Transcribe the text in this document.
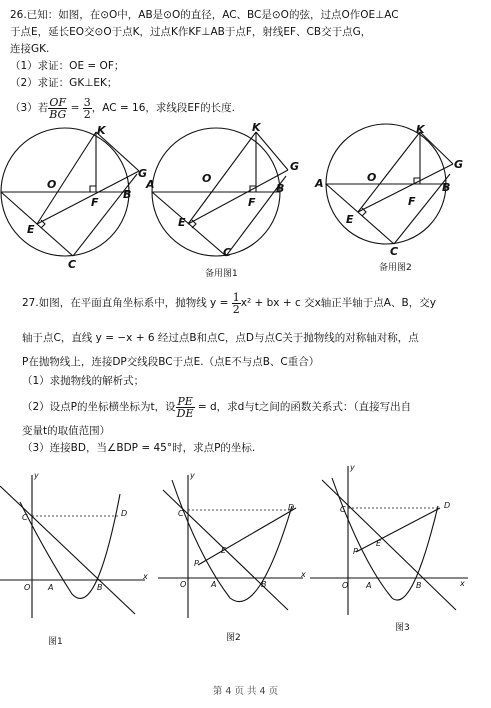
26.已知：如图，在⊙O中，AB是⊙O的直径，AC、BC是⊙O的弦，过点O作OE⊥AC
于点E，延长EO交⊙O于点K，过点K作KF⊥AB于点F，射线EF、CB交于点G，
连接GK.
（1）求证：OE = OF；
（2）求证：GK⊥EK；
（3）若 $\frac{OF}{BG} = \frac{3}{2}$ ，AC = 16，求线段EF的长度.
K
O
F
B
G
E
C
K
A	O
F
B
G
E
C
备用图1
K
A	O
F
B
G
E
C
备用图2
27.如图，在平面直角坐标系中，抛物线 $y = \frac{1}{2} x^2$ + bx + c 交x轴正半轴于点A、B，交y
轴于点C，直线 y = −x + 6 经过点B和点C，点D与点C关于抛物线的对称轴对称，点
P在抛物线上，连接DP交线段BC于点E.（点E不与点B、C重合）
（1）求抛物线的解析式；
（2）设点P的坐标横坐标为t，设 $\frac{PE}{DE} = d$，求d与t之间的函数关系式：（直接写出自
变量t的取值范围）
（3）连接BD，当∠BDP = 45°时，求点P的坐标.
x
y
O A	B
C	D
图1
x
y
O	A	B
C
D
E
P
图2
x
y
O A	B
C	D
E
P
图3
第 4 页 共 4 页
